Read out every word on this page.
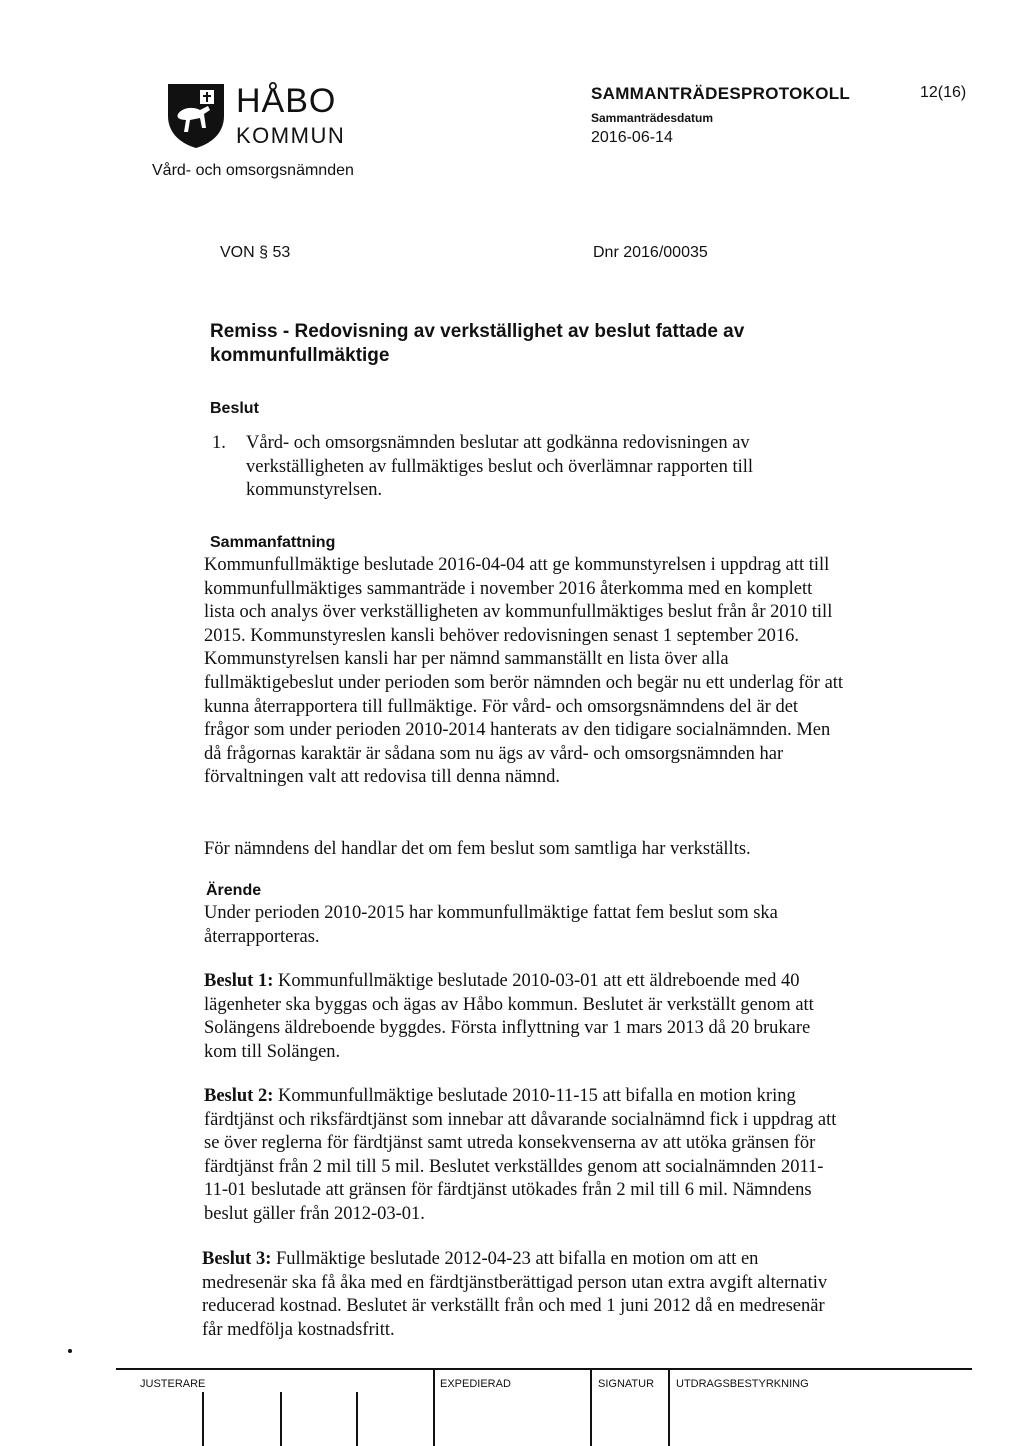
HÅBO
KOMMUN
Vård- och omsorgsnämnden
SAMMANTRÄDESPROTOKOLL
Sammanträdesdatum
2016-06-14
12(16)
VON § 53	Dnr 2016/00035
Remiss - Redovisning av verkställighet av beslut fattade av kommunfullmäktige
Beslut
1.	Vård- och omsorgsnämnden beslutar att godkänna redovisningen av verkställigheten av fullmäktiges beslut och överlämnar rapporten till kommunstyrelsen.
Sammanfattning
Kommunfullmäktige beslutade 2016-04-04 att ge kommunstyrelsen i uppdrag att till kommunfullmäktiges sammanträde i november 2016 återkomma med en komplett lista och analys över verkställigheten av kommunfullmäktiges beslut från år 2010 till 2015. Kommunstyreslen kansli behöver redovisningen senast 1 september 2016. Kommunstyrelsen kansli har per nämnd sammanställt en lista över alla fullmäktigebeslut under perioden som berör nämnden och begär nu ett underlag för att kunna återrapportera till fullmäktige. För vård- och omsorgsnämndens del är det frågor som under perioden 2010-2014 hanterats av den tidigare socialnämnden. Men då frågornas karaktär är sådana som nu ägs av vård- och omsorgsnämnden har förvaltningen valt att redovisa till denna nämnd.
För nämndens del handlar det om fem beslut som samtliga har verkställts.
Ärende
Under perioden 2010-2015 har kommunfullmäktige fattat fem beslut som ska återrapporteras.
Beslut 1: Kommunfullmäktige beslutade 2010-03-01 att ett äldreboende med 40 lägenheter ska byggas och ägas av Håbo kommun. Beslutet är verkställt genom att Solängens äldreboende byggdes. Första inflyttning var 1 mars 2013 då 20 brukare kom till Solängen.
Beslut 2: Kommunfullmäktige beslutade 2010-11-15 att bifalla en motion kring färdtjänst och riksfärdtjänst som innebar att dåvarande socialnämnd fick i uppdrag att se över reglerna för färdtjänst samt utreda konsekvenserna av att utöka gränsen för färdtjänst från 2 mil till 5 mil. Beslutet verkställdes genom att socialnämnden 2011-11-01 beslutade att gränsen för färdtjänst utökades från 2 mil till 6 mil. Nämndens beslut gäller från 2012-03-01.
Beslut 3: Fullmäktige beslutade 2012-04-23 att bifalla en motion om att en medresenär ska få åka med en färdtjänstberättigad person utan extra avgift alternativ reducerad kostnad. Beslutet är verkställt från och med 1 juni 2012 då en medresenär får medfölja kostnadsfritt.
JUSTERARE	EXPEDIERAD	SIGNATUR UTDRAGSBESTYRKNING
